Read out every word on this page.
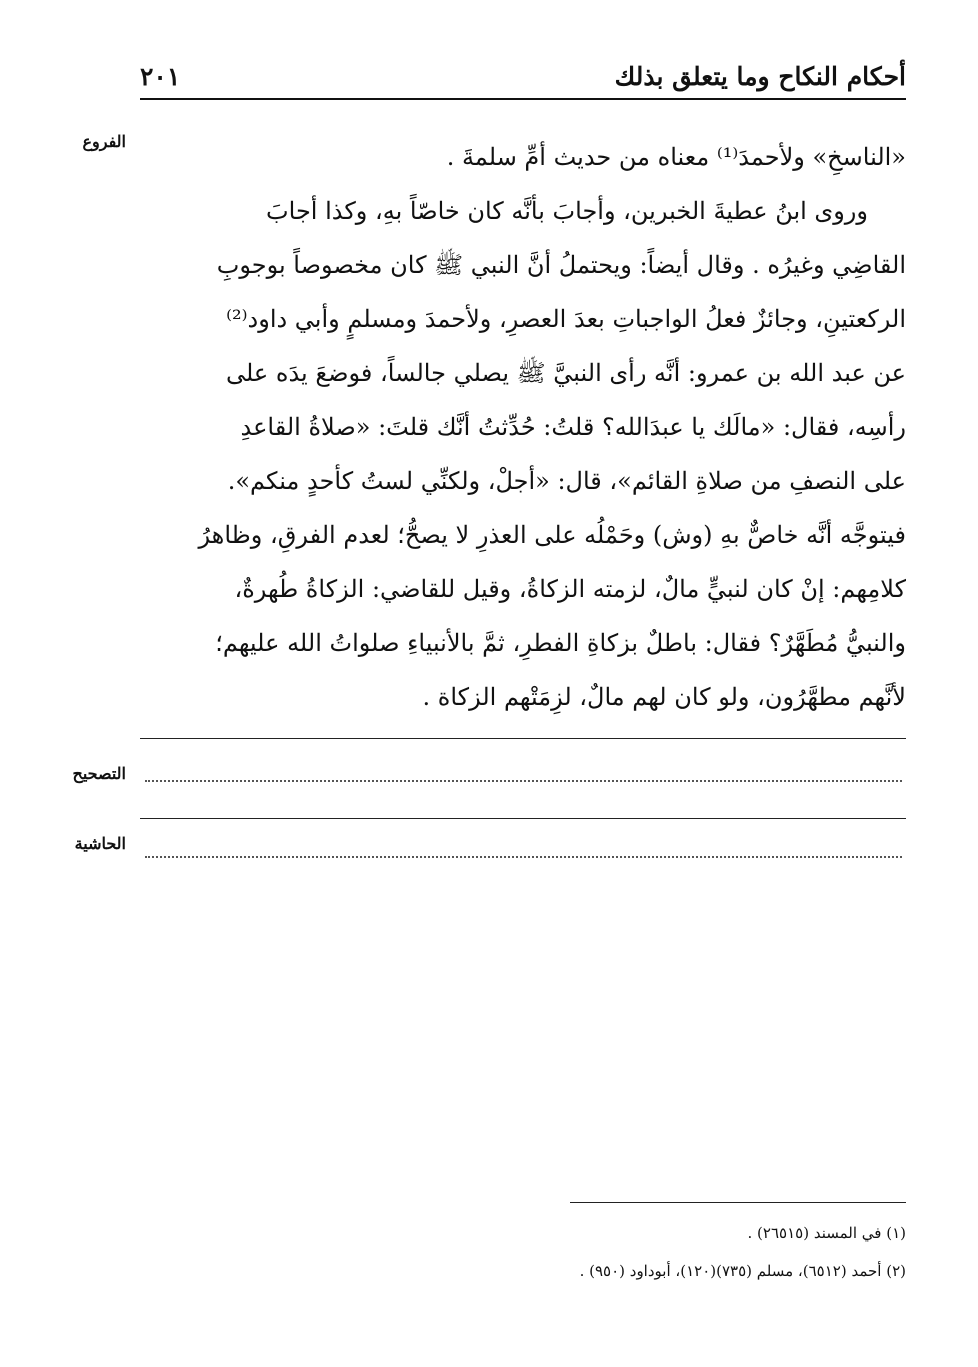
أحكام النكاح وما يتعلق بذلك
٢٠١
الفروع
«الناسخِ» ولأحمدَ⁽¹⁾ معناه من حديث أمِّ سلمةَ .
وروى ابنُ عطيةَ الخبرين، وأجابَ بأنَّه كان خاصّاً بهِ، وكذا أجابَ
القاضِي وغيرُه . وقال أيضاً: ويحتملُ أنَّ النبي ﷺ كان مخصوصاً بوجوبِ
الركعتينِ، وجائزٌ فعلُ الواجباتِ بعدَ العصرِ، ولأحمدَ ومسلمٍ وأبي داود⁽²⁾
عن عبد الله بن عمرو: أنَّه رأى النبيَّ ﷺ يصلي جالساً، فوضعَ يدَه على
رأسِه، فقال: «مالَك يا عبدَالله؟ قلتُ: حُدِّثتُ أنَّك قلتَ: «صلاةُ القاعدِ
على النصفِ من صلاةِ القائم»، قال: «أجلْ، ولكنِّي لستُ كأحدٍ منكم».
فيتوجَّه أنَّه خاصٌّ بهِ (وش) وحَمْلُه على العذرِ لا يصحُّ؛ لعدم الفرقِ، وظاهرُ
كلامِهم: إنْ كان لنبيٍّ مالٌ، لزمته الزكاةُ، وقيل للقاضي: الزكاةُ طُهرةٌ،
والنبيُّ مُطَهَّرٌ؟ فقال: باطلٌ بزكاةِ الفطرِ، ثمَّ بالأنبياءِ صلواتُ الله عليهم؛
لأنَّهم مطهَّرُون، ولو كان لهم مالٌ، لزِمَتْهم الزكاة .
التصحيح
الحاشية
(١) في المسند (٢٦٥١٥) .
(٢) أحمد (٦٥١٢)، مسلم (٧٣٥)(١٢٠)، أبوداود (٩٥٠) .
